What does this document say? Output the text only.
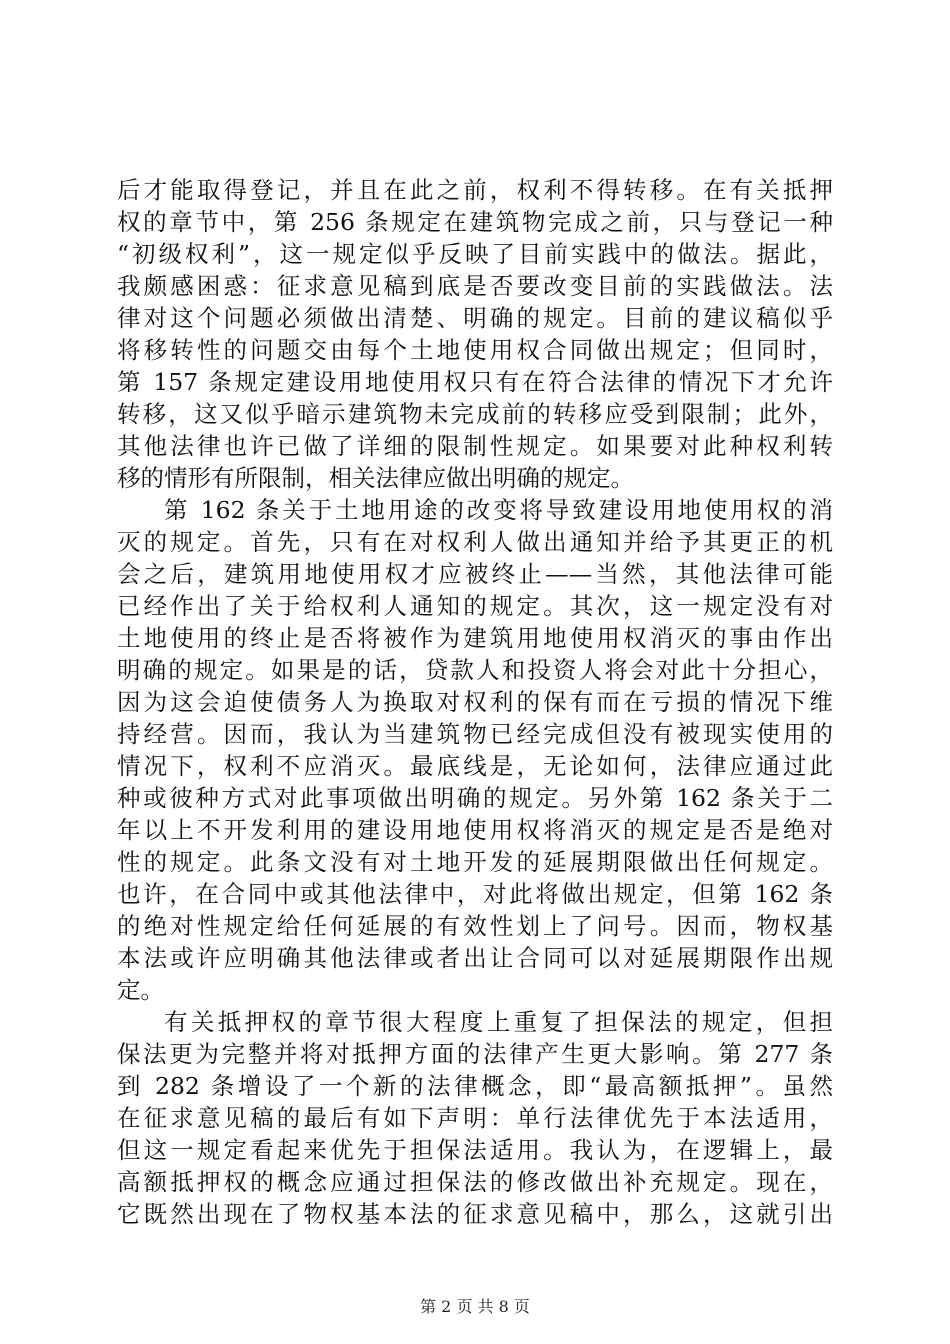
后才能取得登记，并且在此之前，权利不得转移。在有关抵押
权的章节中，第 256 条规定在建筑物完成之前，只与登记一种
“初级权利”，这一规定似乎反映了目前实践中的做法。据此，
我颇感困惑：征求意见稿到底是否要改变目前的实践做法。法
律对这个问题必须做出清楚、明确的规定。目前的建议稿似乎
将移转性的问题交由每个土地使用权合同做出规定；但同时，
第 157 条规定建设用地使用权只有在符合法律的情况下才允许
转移，这又似乎暗示建筑物未完成前的转移应受到限制；此外，
其他法律也许已做了详细的限制性规定。如果要对此种权利转
移的情形有所限制，相关法律应做出明确的规定。
第 162 条关于土地用途的改变将导致建设用地使用权的消
灭的规定。首先，只有在对权利人做出通知并给予其更正的机
会之后，建筑用地使用权才应被终止——当然，其他法律可能
已经作出了关于给权利人通知的规定。其次，这一规定没有对
土地使用的终止是否将被作为建筑用地使用权消灭的事由作出
明确的规定。如果是的话，贷款人和投资人将会对此十分担心，
因为这会迫使债务人为换取对权利的保有而在亏损的情况下维
持经营。因而，我认为当建筑物已经完成但没有被现实使用的
情况下，权利不应消灭。最底线是，无论如何，法律应通过此
种或彼种方式对此事项做出明确的规定。另外第 162 条关于二
年以上不开发利用的建设用地使用权将消灭的规定是否是绝对
性的规定。此条文没有对土地开发的延展期限做出任何规定。
也许，在合同中或其他法律中，对此将做出规定，但第 162 条
的绝对性规定给任何延展的有效性划上了问号。因而，物权基
本法或许应明确其他法律或者出让合同可以对延展期限作出规
定。
有关抵押权的章节很大程度上重复了担保法的规定，但担
保法更为完整并将对抵押方面的法律产生更大影响。第 277 条
到 282 条增设了一个新的法律概念，即“最高额抵押”。虽然
在征求意见稿的最后有如下声明：单行法律优先于本法适用，
但这一规定看起来优先于担保法适用。我认为，在逻辑上，最
高额抵押权的概念应通过担保法的修改做出补充规定。现在，
它既然出现在了物权基本法的征求意见稿中，那么，这就引出
第 2 页 共 8 页
